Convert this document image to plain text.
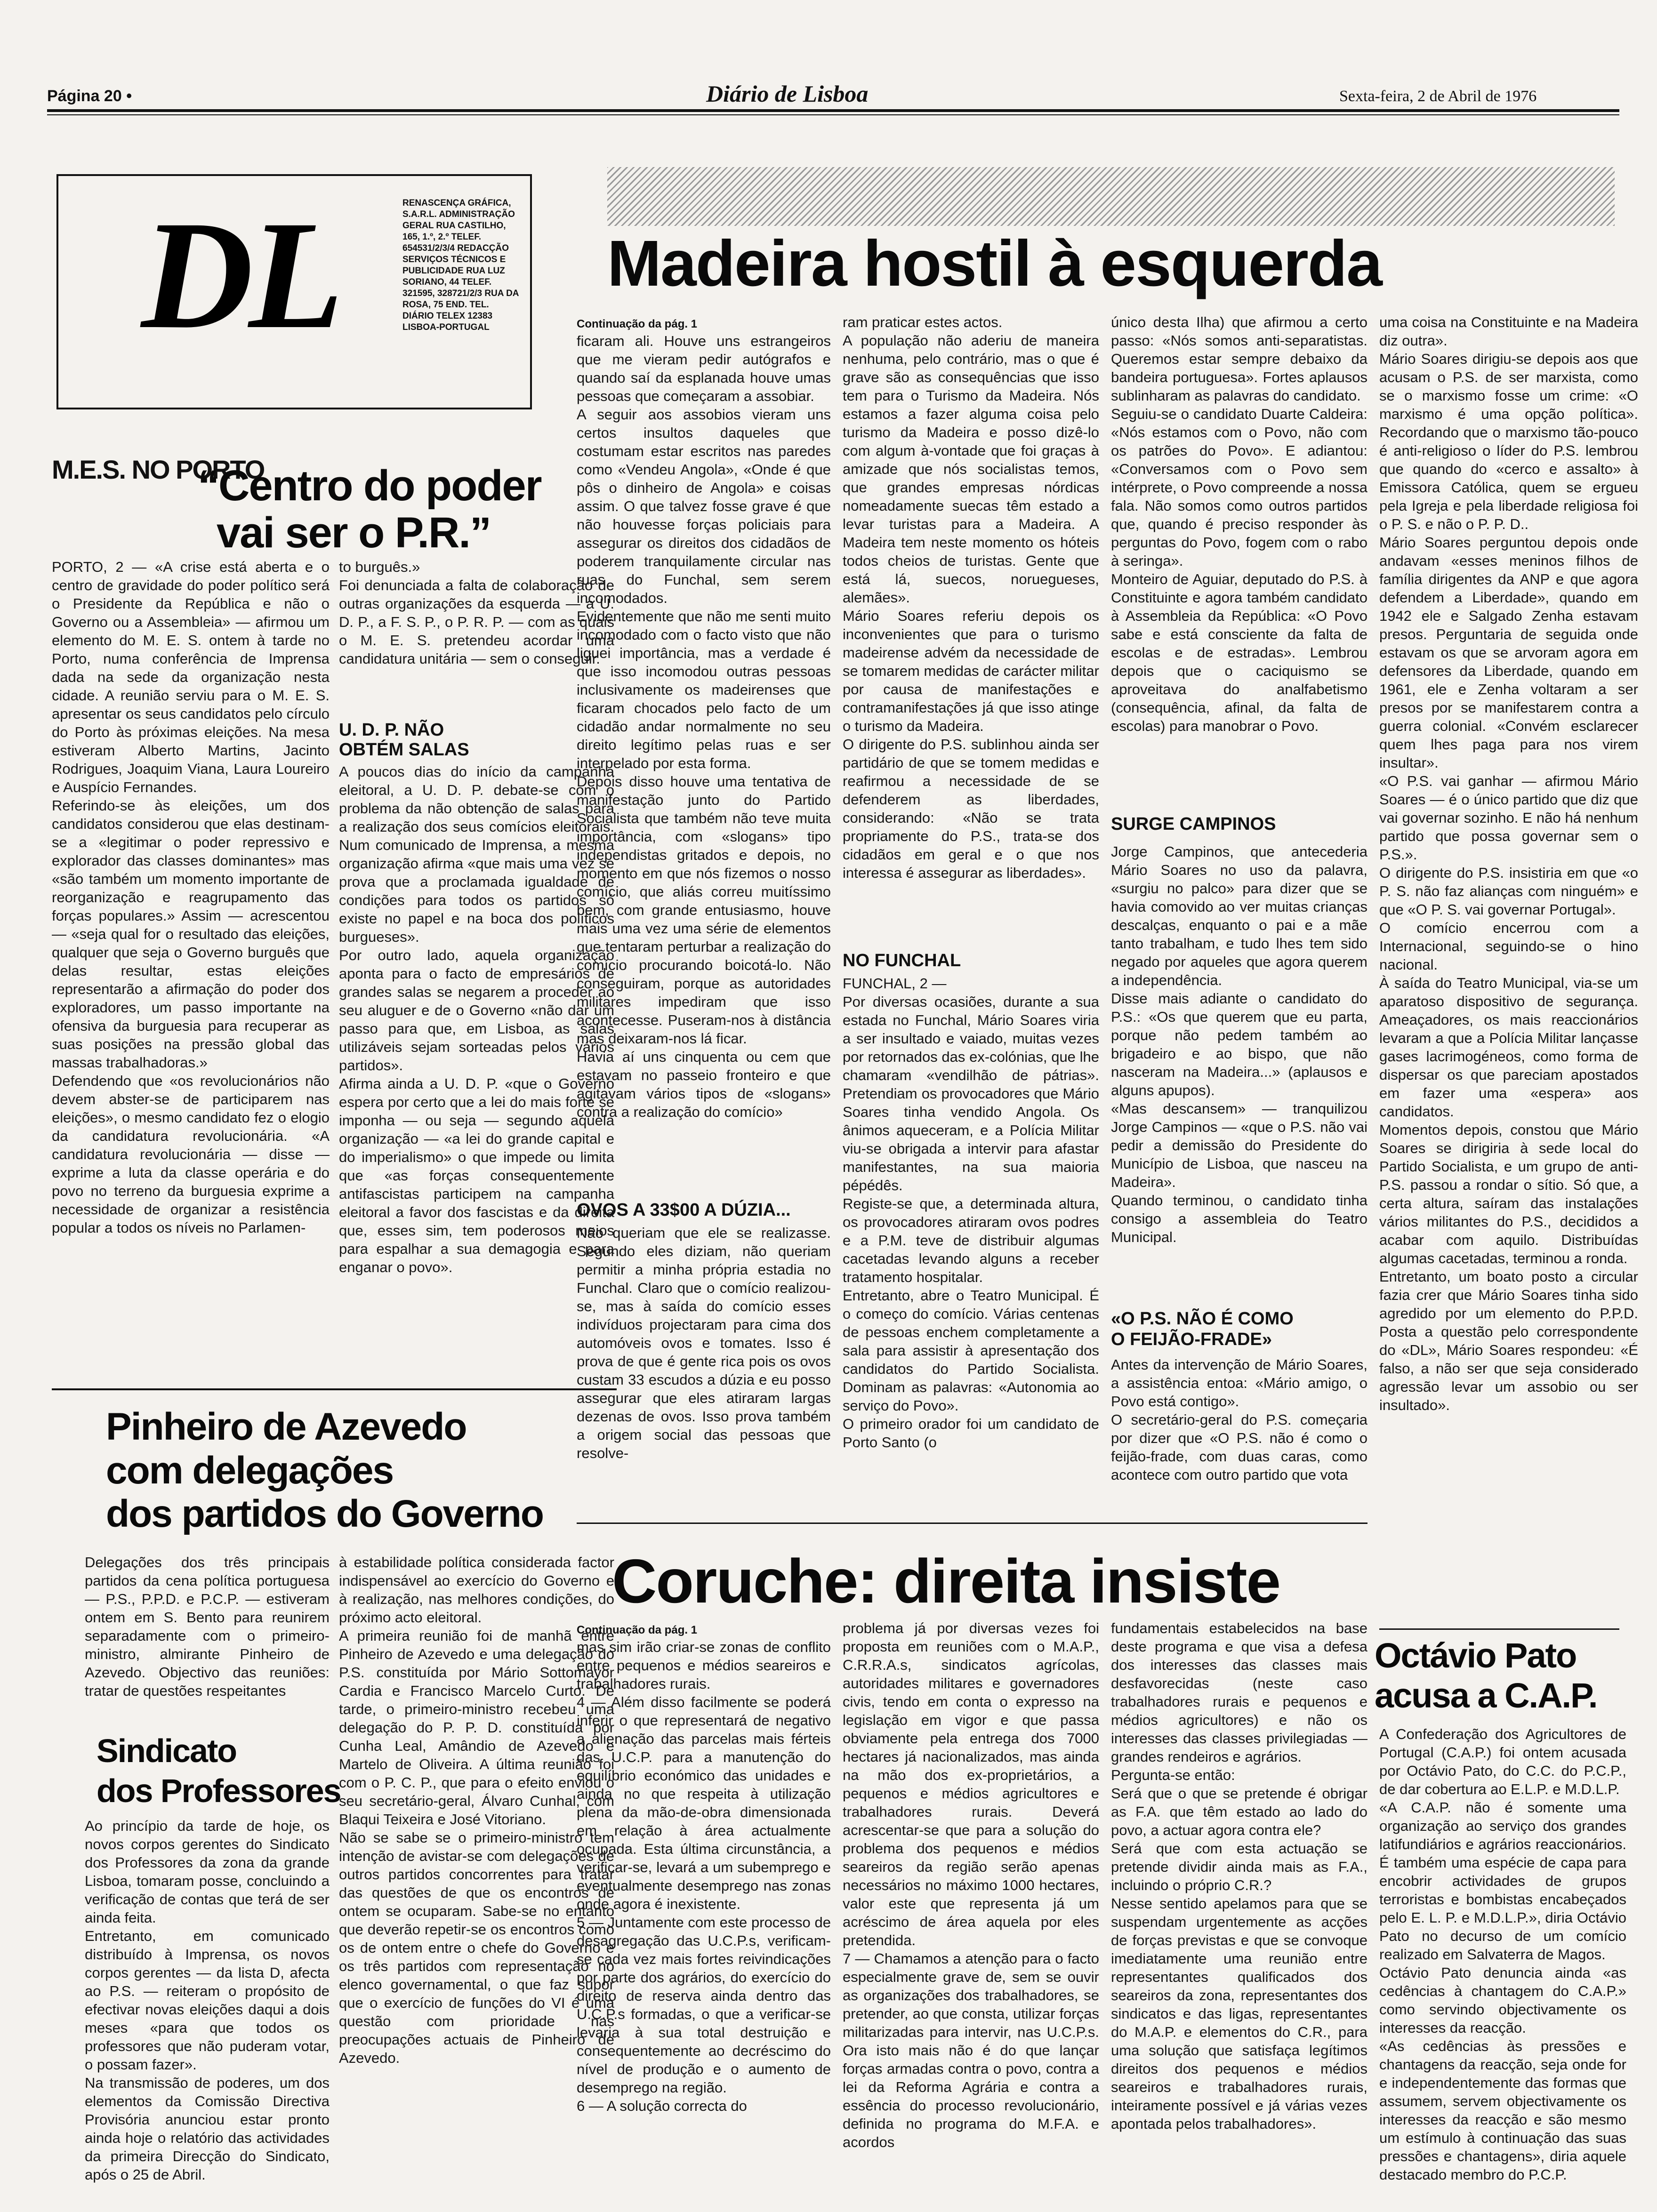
Página 20 •	Diário de Lisboa	Sexta-feira, 2 de Abril de 1976
DL	RENASCENÇA GRÁFICA, S.A.R.L. ADMINISTRAÇÃO GERAL RUA CASTILHO, 165, 1.º, 2.º TELEF. 654531/2/3/4 REDACÇÃO SERVIÇOS TÉCNICOS E PUBLICIDADE RUA LUZ SORIANO, 44 TELEF. 321595, 328721/2/3 RUA DA ROSA, 75 END. TEL. DIÁRIO TELEX 12383 LISBOA-PORTUGAL
M.E.S. NO PORTO
“Centro do poder
vai ser o P.R.”
PORTO, 2 — «A crise está aberta e o centro de gravidade do poder político será o Presidente da República e não o Governo ou a Assembleia» — afirmou um elemento do M. E. S. ontem à tarde no Porto, numa conferência de Imprensa dada na sede da organização nesta cidade. A reunião serviu para o M. E. S. apresentar os seus candidatos pelo círculo do Porto às próximas eleições. Na mesa estiveram Alberto Martins, Jacinto Rodrigues, Joaquim Viana, Laura Loureiro e Auspício Fernandes.
Referindo-se às eleições, um dos candidatos considerou que elas destinam-se a «legitimar o poder repressivo e explorador das classes dominantes» mas «são também um momento importante de reorganização e reagrupamento das forças populares.» Assim — acrescentou — «seja qual for o resultado das eleições, qualquer que seja o Governo burguês que delas resultar, estas eleições representarão a afirmação do poder dos exploradores, um passo importante na ofensiva da burguesia para recuperar as suas posições na pressão global das massas trabalhadoras.»
Defendendo que «os revolucionários não devem abster-se de participarem nas eleições», o mesmo candidato fez o elogio da candidatura revolucionária. «A candidatura revolucionária — disse — exprime a luta da classe operária e do povo no terreno da burguesia exprime a necessidade de organizar a resistência popular a todos os níveis no Parlamen-
to burguês.»
Foi denunciada a falta de colaboração de outras organizações da esquerda — a U. D. P., a F. S. P., o P. R. P. — com as quais o M. E. S. pretendeu acordar uma candidatura unitária — sem o conseguir.
U. D. P. NÃO
OBTÉM SALAS
A poucos dias do início da campanha eleitoral, a U. D. P. debate-se com o problema da não obtenção de salas para a realização dos seus comícios eleitorais. Num comunicado de Imprensa, a mesma organização afirma «que mais uma vez se prova que a proclamada igualdade de condições para todos os partidos só existe no papel e na boca dos políticos burgueses».
Por outro lado, aquela organização aponta para o facto de empresários de grandes salas se negarem a proceder ao seu aluguer e de o Governo «não dar um passo para que, em Lisboa, as salas utilizáveis sejam sorteadas pelos vários partidos».
Afirma ainda a U. D. P. «que o Governo espera por certo que a lei do mais forte se imponha — ou seja — segundo aquela organização — «a lei do grande capital e do imperialismo» o que impede ou limita que «as forças consequentemente antifascistas participem na campanha eleitoral a favor dos fascistas e da direita que, esses sim, tem poderosos meios para espalhar a sua demagogia e para enganar o povo».
Pinheiro de Azevedo
com delegações
dos partidos do Governo
Delegações dos três principais partidos da cena política portuguesa — P.S., P.P.D. e P.C.P. — estiveram ontem em S. Bento para reunirem separadamente com o primeiro-ministro, almirante Pinheiro de Azevedo. Objectivo das reuniões: tratar de questões respeitantes
à estabilidade política considerada factor indispensável ao exercício do Governo e à realização, nas melhores condições, do próximo acto eleitoral.
A primeira reunião foi de manhã entre Pinheiro de Azevedo e uma delegação do P.S. constituída por Mário Sottomayor Cardia e Francisco Marcelo Curto. De tarde, o primeiro-ministro recebeu uma delegação do P. P. D. constituída por Cunha Leal, Amândio de Azevedo e Martelo de Oliveira. A última reunião foi com o P. C. P., que para o efeito enviou o seu secretário-geral, Álvaro Cunhal, com Blaqui Teixeira e José Vitoriano.
Não se sabe se o primeiro-ministro tem intenção de avistar-se com delegações de outros partidos concorrentes para tratar das questões de que os encontros de ontem se ocuparam. Sabe-se no entanto que deverão repetir-se os encontros como os de ontem entre o chefe do Governo e os três partidos com representação no elenco governamental, o que faz supor que o exercício de funções do VI é uma questão com prioridade nas preocupações actuais de Pinheiro de Azevedo.
Sindicato
dos Professores
Ao princípio da tarde de hoje, os novos corpos gerentes do Sindicato dos Professores da zona da grande Lisboa, tomaram posse, concluindo a verificação de contas que terá de ser ainda feita.
Entretanto, em comunicado distribuído à Imprensa, os novos corpos gerentes — da lista D, afecta ao P.S. — reiteram o propósito de efectivar novas eleições daqui a dois meses «para que todos os professores que não puderam votar, o possam fazer».
Na transmissão de poderes, um dos elementos da Comissão Directiva Provisória anunciou estar pronto ainda hoje o relatório das actividades da primeira Direcção do Sindicato, após o 25 de Abril.
Madeira hostil à esquerda
Continuação da pág. 1
ficaram ali. Houve uns estrangeiros que me vieram pedir autógrafos e quando saí da esplanada houve umas pessoas que começaram a assobiar.
A seguir aos assobios vieram uns certos insultos daqueles que costumam estar escritos nas paredes como «Vendeu Angola», «Onde é que pôs o dinheiro de Angola» e coisas assim. O que talvez fosse grave é que não houvesse forças policiais para assegurar os direitos dos cidadãos de poderem tranquilamente circular nas ruas do Funchal, sem serem incomodados.
Evidentemente que não me senti muito incomodado com o facto visto que não liguei importância, mas a verdade é que isso incomodou outras pessoas inclusivamente os madeirenses que ficaram chocados pelo facto de um cidadão andar normalmente no seu direito legítimo pelas ruas e ser interpelado por esta forma.
Depois disso houve uma tentativa de manifestação junto do Partido Socialista que também não teve muita importância, com «slogans» tipo independistas gritados e depois, no momento em que nós fizemos o nosso comício, que aliás correu muitíssimo bem, com grande entusiasmo, houve mais uma vez uma série de elementos que tentaram perturbar a realização do comício procurando boicotá-lo. Não conseguiram, porque as autoridades militares impediram que isso acontecesse. Puseram-nos à distância mas deixaram-nos lá ficar.
Havia aí uns cinquenta ou cem que estavam no passeio fronteiro e que agitavam vários tipos de «slogans» contra a realização do comício»
OVOS A 33$00 A DÚZIA...
Não queriam que ele se realizasse. Segundo eles diziam, não queriam permitir a minha própria estadia no Funchal. Claro que o comício realizou-se, mas à saída do comício esses indivíduos projectaram para cima dos automóveis ovos e tomates. Isso é prova de que é gente rica pois os ovos custam 33 escudos a dúzia e eu posso assegurar que eles atiraram largas dezenas de ovos. Isso prova também a origem social das pessoas que resolve-
ram praticar estes actos.
A população não aderiu de maneira nenhuma, pelo contrário, mas o que é grave são as consequências que isso tem para o Turismo da Madeira. Nós estamos a fazer alguma coisa pelo turismo da Madeira e posso dizê-lo com algum à-vontade que foi graças à amizade que nós socialistas temos, que grandes empresas nórdicas nomeadamente suecas têm estado a levar turistas para a Madeira. A Madeira tem neste momento os hóteis todos cheios de turistas. Gente que está lá, suecos, noruegueses, alemães».
Mário Soares referiu depois os inconvenientes que para o turismo madeirense advém da necessidade de se tomarem medidas de carácter militar por causa de manifestações e contramanifestações já que isso atinge o turismo da Madeira.
O dirigente do P.S. sublinhou ainda ser partidário de que se tomem medidas e reafirmou a necessidade de se defenderem as liberdades, considerando: «Não se trata propriamente do P.S., trata-se dos cidadãos em geral e o que nos interessa é assegurar as liberdades».
NO FUNCHAL
FUNCHAL, 2 —
Por diversas ocasiões, durante a sua estada no Funchal, Mário Soares viria a ser insultado e vaiado, muitas vezes por retornados das ex-colónias, que lhe chamaram «vendilhão de pátrias». Pretendiam os provocadores que Mário Soares tinha vendido Angola. Os ânimos aqueceram, e a Polícia Militar viu-se obrigada a intervir para afastar manifestantes, na sua maioria pépédês.
Registe-se que, a determinada altura, os provocadores atiraram ovos podres e a P.M. teve de distribuir algumas cacetadas levando alguns a receber tratamento hospitalar.
Entretanto, abre o Teatro Municipal. É o começo do comício. Várias centenas de pessoas enchem completamente a sala para assistir à apresentação dos candidatos do Partido Socialista. Dominam as palavras: «Autonomia ao serviço do Povo».
O primeiro orador foi um candidato de Porto Santo (o
único desta Ilha) que afirmou a certo passo: «Nós somos anti-separatistas. Queremos estar sempre debaixo da bandeira portuguesa». Fortes aplausos sublinharam as palavras do candidato.
Seguiu-se o candidato Duarte Caldeira: «Nós estamos com o Povo, não com os patrões do Povo». E adiantou: «Conversamos com o Povo sem intérprete, o Povo compreende a nossa fala. Não somos como outros partidos que, quando é preciso responder às perguntas do Povo, fogem com o rabo à seringa».
Monteiro de Aguiar, deputado do P.S. à Constituinte e agora também candidato à Assembleia da República: «O Povo sabe e está consciente da falta de escolas e de estradas». Lembrou depois que o caciquismo se aproveitava do analfabetismo (consequência, afinal, da falta de escolas) para manobrar o Povo.
SURGE CAMPINOS
Jorge Campinos, que antecederia Mário Soares no uso da palavra, «surgiu no palco» para dizer que se havia comovido ao ver muitas crianças descalças, enquanto o pai e a mãe tanto trabalham, e tudo lhes tem sido negado por aqueles que agora querem a independência.
Disse mais adiante o candidato do P.S.: «Os que querem que eu parta, porque não pedem também ao brigadeiro e ao bispo, que não nasceram na Madeira...» (aplausos e alguns apupos).
«Mas descansem» — tranquilizou Jorge Campinos — «que o P.S. não vai pedir a demissão do Presidente do Município de Lisboa, que nasceu na Madeira».
Quando terminou, o candidato tinha consigo a assembleia do Teatro Municipal.
«O P.S. NÃO É COMO
O FEIJÃO-FRADE»
Antes da intervenção de Mário Soares, a assistência entoa: «Mário amigo, o Povo está contigo».
O secretário-geral do P.S. começaria por dizer que «O P.S. não é como o feijão-frade, com duas caras, como acontece com outro partido que vota
uma coisa na Constituinte e na Madeira diz outra».
Mário Soares dirigiu-se depois aos que acusam o P.S. de ser marxista, como se o marxismo fosse um crime: «O marxismo é uma opção política». Recordando que o marxismo tão-pouco é anti-religioso o líder do P.S. lembrou que quando do «cerco e assalto» à Emissora Católica, quem se ergueu pela Igreja e pela liberdade religiosa foi o P. S. e não o P. P. D..
Mário Soares perguntou depois onde andavam «esses meninos filhos de família dirigentes da ANP e que agora defendem a Liberdade», quando em 1942 ele e Salgado Zenha estavam presos. Perguntaria de seguida onde estavam os que se arvoram agora em defensores da Liberdade, quando em 1961, ele e Zenha voltaram a ser presos por se manifestarem contra a guerra colonial. «Convém esclarecer quem lhes paga para nos virem insultar».
«O P.S. vai ganhar — afirmou Mário Soares — é o único partido que diz que vai governar sozinho. E não há nenhum partido que possa governar sem o P.S.».
O dirigente do P.S. insistiria em que «o P. S. não faz alianças com ninguém» e que «O P. S. vai governar Portugal».
O comício encerrou com a Internacional, seguindo-se o hino nacional.
À saída do Teatro Municipal, via-se um aparatoso dispositivo de segurança. Ameaçadores, os mais reaccionários levaram a que a Polícia Militar lançasse gases lacrimogéneos, como forma de dispersar os que pareciam apostados em fazer uma «espera» aos candidatos.
Momentos depois, constou que Mário Soares se dirigiria à sede local do Partido Socialista, e um grupo de anti-P.S. passou a rondar o sítio. Só que, a certa altura, saíram das instalações vários militantes do P.S., decididos a acabar com aquilo. Distribuídas algumas cacetadas, terminou a ronda.
Entretanto, um boato posto a circular fazia crer que Mário Soares tinha sido agredido por um elemento do P.P.D. Posta a questão pelo correspondente do «DL», Mário Soares respondeu: «É falso, a não ser que seja considerado agressão levar um assobio ou ser insultado».
Coruche: direita insiste
Continuação da pág. 1
mas sim irão criar-se zonas de conflito entre pequenos e médios seareiros e trabalhadores rurais.
4 — Além disso facilmente se poderá inferir o que representará de negativo a alienação das parcelas mais férteis das U.C.P. para a manutenção do equilíbrio económico das unidades e ainda no que respeita à utilização plena da mão-de-obra dimensionada em relação à área actualmente ocupada. Esta última circunstância, a verificar-se, levará a um subemprego e eventualmente desemprego nas zonas onde agora é inexistente.
5 — Juntamente com este processo de desagregação das U.C.P.s, verificam-se cada vez mais fortes reivindicações por parte dos agrários, do exercício do direito de reserva ainda dentro das U.C.P.s formadas, o que a verificar-se levaria à sua total destruição e consequentemente ao decréscimo do nível de produção e o aumento de desemprego na região.
6 — A solução correcta do
problema já por diversas vezes foi proposta em reuniões com o M.A.P., C.R.R.A.s, sindicatos agrícolas, autoridades militares e governadores civis, tendo em conta o expresso na legislação em vigor e que passa obviamente pela entrega dos 7000 hectares já nacionalizados, mas ainda na mão dos ex-proprietários, a pequenos e médios agricultores e trabalhadores rurais. Deverá acrescentar-se que para a solução do problema dos pequenos e médios seareiros da região serão apenas necessários no máximo 1000 hectares, valor este que representa já um acréscimo de área aquela por eles pretendida.
7 — Chamamos a atenção para o facto especialmente grave de, sem se ouvir as organizações dos trabalhadores, se pretender, ao que consta, utilizar forças militarizadas para intervir, nas U.C.P.s. Ora isto mais não é do que lançar forças armadas contra o povo, contra a lei da Reforma Agrária e contra a essência do processo revolucionário, definida no programa do M.F.A. e acordos
fundamentais estabelecidos na base deste programa e que visa a defesa dos interesses das classes mais desfavorecidas (neste caso trabalhadores rurais e pequenos e médios agricultores) e não os interesses das classes privilegiadas — grandes rendeiros e agrários.
Pergunta-se então:
Será que o que se pretende é obrigar as F.A. que têm estado ao lado do povo, a actuar agora contra ele?
Será que com esta actuação se pretende dividir ainda mais as F.A., incluindo o próprio C.R.?
Nesse sentido apelamos para que se suspendam urgentemente as acções de forças previstas e que se convoque imediatamente uma reunião entre representantes qualificados dos seareiros da zona, representantes dos sindicatos e das ligas, representantes do M.A.P. e elementos do C.R., para uma solução que satisfaça legítimos direitos dos pequenos e médios seareiros e trabalhadores rurais, inteiramente possível e já várias vezes apontada pelos trabalhadores».
Octávio Pato
acusa a C.A.P.
A Confederação dos Agricultores de Portugal (C.A.P.) foi ontem acusada por Octávio Pato, do C.C. do P.C.P., de dar cobertura ao E.L.P. e M.D.L.P.
«A C.A.P. não é somente uma organização ao serviço dos grandes latifundiários e agrários reaccionários. É também uma espécie de capa para encobrir actividades de grupos terroristas e bombistas encabeçados pelo E. L. P. e M.D.L.P.», diria Octávio Pato no decurso de um comício realizado em Salvaterra de Magos.
Octávio Pato denuncia ainda «as cedências à chantagem do C.A.P.» como servindo objectivamente os interesses da reacção.
«As cedências às pressões e chantagens da reacção, seja onde for e independentemente das formas que assumem, servem objectivamente os interesses da reacção e são mesmo um estímulo à continuação das suas pressões e chantagens», diria aquele destacado membro do P.C.P.
